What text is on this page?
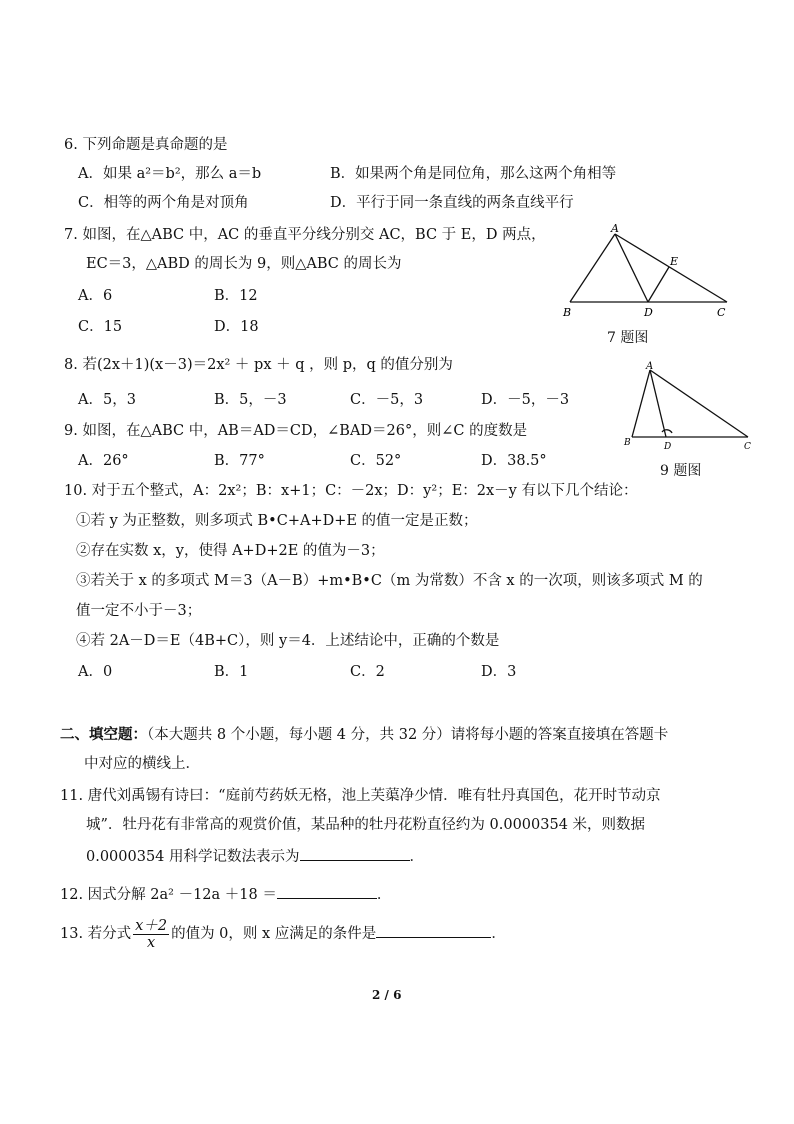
6. 下列命题是真命题的是
A．如果 a²＝b²，那么 a＝b	B．如果两个角是同位角，那么这两个角相等
C．相等的两个角是对顶角	D．平行于同一条直线的两条直线平行
7. 如图，在△ABC 中，AC 的垂直平分线分别交 AC，BC 于 E，D 两点，
EC＝3，△ABD 的周长为 9，则△ABC 的周长为
A．6	B．12
C．15	D．18
A
B	C
D
E
7 题图
8. 若(2x＋1)(x－3)＝2x² ＋ px ＋ q ，则 p，q 的值分别为
A．5，3	B．5，－3	C．－5，3	D．－5，－3
A
B	C
D
9. 如图，在△ABC 中，AB＝AD＝CD，∠BAD＝26°，则∠C 的度数是
A．26°	B．77°	C．52°	D．38.5°
9 题图
10. 对于五个整式，A：2x²；B：x+1；C：－2x；D：y²；E：2x－y 有以下几个结论：
①若 y 为正整数，则多项式 B•C+A+D+E 的值一定是正数；
②存在实数 x，y，使得 A+D+2E 的值为－3；
③若关于 x 的多项式 M＝3（A－B）+m•B•C（m 为常数）不含 x 的一次项，则该多项式 M 的
值一定不小于－3；
④若 2A－D＝E（4B+C），则 y＝4．上述结论中，正确的个数是
A．0	B．1	C．2	D．3
二、填空题：（本大题共 8 个小题，每小题 4 分，共 32 分）请将每小题的答案直接填在答题卡
中对应的横线上．
11. 唐代刘禹锡有诗曰：“庭前芍药妖无格，池上芙蕖净少情．唯有牡丹真国色，花开时节动京
城”．牡丹花有非常高的观赏价值，某品种的牡丹花粉直径约为 0.0000354 米，则数据
0.0000354 用科学记数法表示为	．
12. 因式分解 2a² －12a ＋18 ＝	．
13. 若分式 $\frac{x+2}{x}$ 的值为 0，则 x 应满足的条件是	．
2 / 6
